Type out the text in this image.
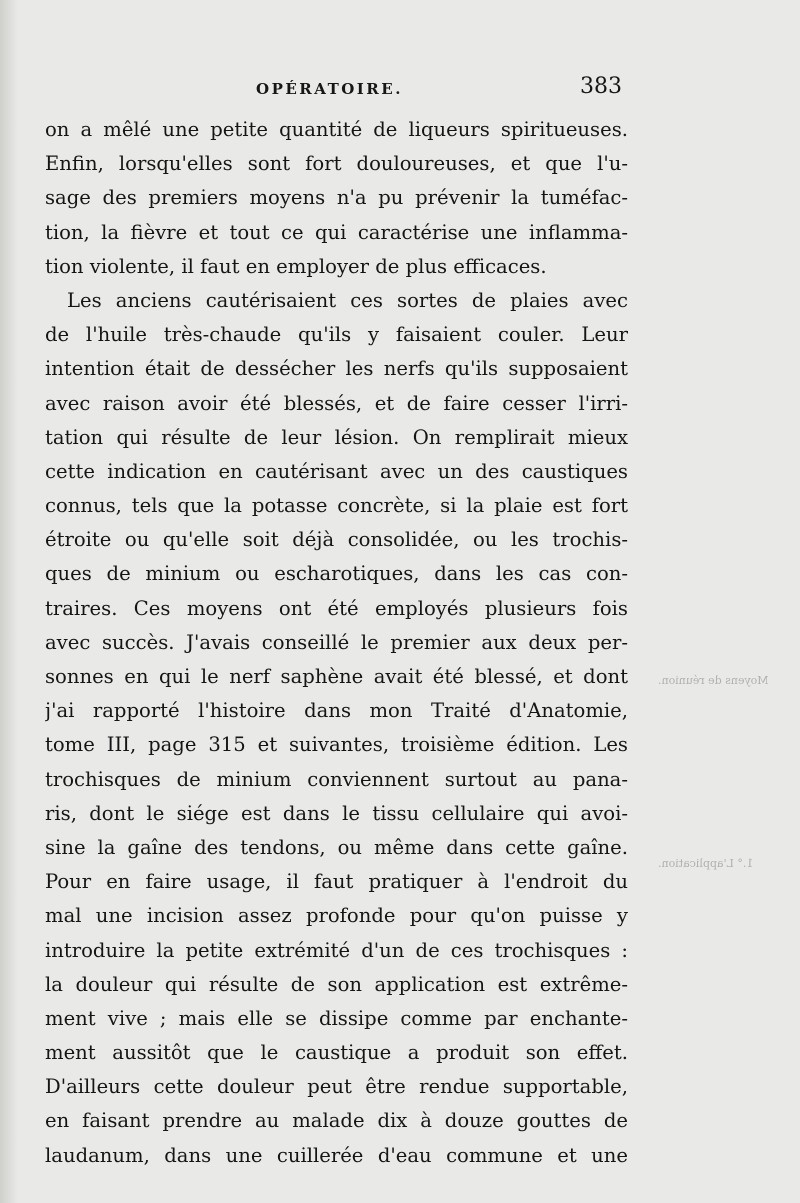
OPÉRATOIRE.	383
on a mêlé une petite quantité de liqueurs spiritueuses.
Enfin, lorsqu'elles sont fort douloureuses, et que l'u-
sage des premiers moyens n'a pu prévenir la tuméfac-
tion, la fièvre et tout ce qui caractérise une inflamma-
tion violente, il faut en employer de plus efficaces.
Les anciens cautérisaient ces sortes de plaies avec
de l'huile très-chaude qu'ils y faisaient couler. Leur
intention était de dessécher les nerfs qu'ils supposaient
avec raison avoir été blessés, et de faire cesser l'irri-
tation qui résulte de leur lésion. On remplirait mieux
cette indication en cautérisant avec un des caustiques
connus, tels que la potasse concrète, si la plaie est fort
étroite ou qu'elle soit déjà consolidée, ou les trochis-
ques de minium ou escharotiques, dans les cas con-
traires. Ces moyens ont été employés plusieurs fois
avec succès. J'avais conseillé le premier aux deux per-
sonnes en qui le nerf saphène avait été blessé, et dont
j'ai rapporté l'histoire dans mon Traité d'Anatomie,
tome III, page 315 et suivantes, troisième édition. Les
trochisques de minium conviennent surtout au pana-
ris, dont le siége est dans le tissu cellulaire qui avoi-
sine la gaîne des tendons, ou même dans cette gaîne.
Pour en faire usage, il faut pratiquer à l'endroit du
mal une incision assez profonde pour qu'on puisse y
introduire la petite extrémité d'un de ces trochisques :
la douleur qui résulte de son application est extrême-
ment vive ; mais elle se dissipe comme par enchante-
ment aussitôt que le caustique a produit son effet.
D'ailleurs cette douleur peut être rendue supportable,
en faisant prendre au malade dix à douze gouttes de
laudanum, dans une cuillerée d'eau commune et une
Moyens de réunion.
1.° L'application.
